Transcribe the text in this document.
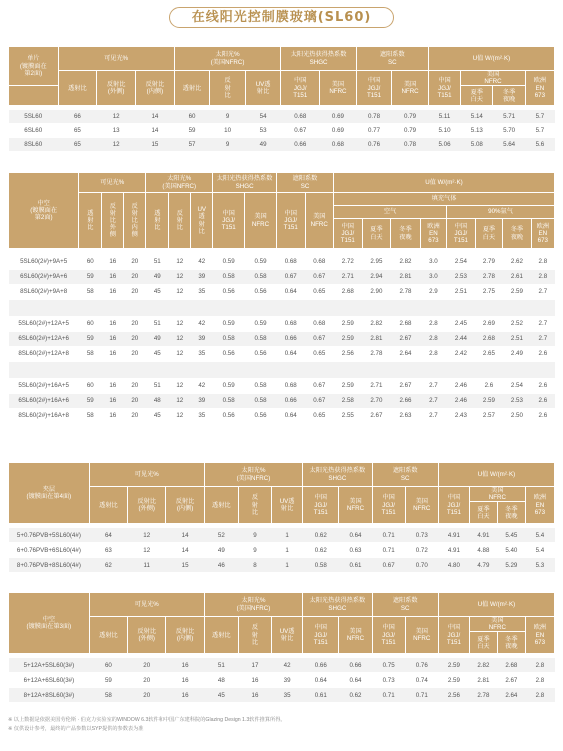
在线阳光控制膜玻璃(SL60)
单片
(镀膜面在
第2面)	可见光%			太阳光%
(美国NFRC)			太阳光热获得热系数 SHGC		遮阳系数
SC		U值 W/(m²·K)			
	透射比	反射比
(外侧)	反射比
(内侧)	透射比	反
射
比	UV透
射比	中国
JGJ/
T151	美国
NFRC	中国
JGJ/
T151	美国
NFRC	中国
JGJ/
T151	美国
NFRC		欧洲
EN
673
												夏季
白天	冬季
夜晚	

5SL60	66	12	14	60	9	54	0.68	0.69	0.78	0.79	5.11	5.14	5.71	5.7
6SL60	65	13	14	59	10	53	0.67	0.69	0.77	0.79	5.10	5.13	5.70	5.7
8SL60	65	12	15	57	9	49	0.66	0.68	0.76	0.78	5.06	5.08	5.64	5.6
中空
(镀膜面在
第2面)	可见光%			太阳光%
(美国NFRC)			太阳光热获得热系数 SHGC		遮阳系数
SC		U值 W/(m²·K)							
	透
射
比	反
射
比
外
侧	反
射
比
内
侧	透
射
比	反
射
比	UV
透
射
比	中国
JGJ/
T151	美国
NFRC	中国
JGJ/
T151	美国
NFRC	填充气体							
											空气				90%氩气			
											中国
JGJ/
T151	夏季
白天	冬季
夜晚	欧洲
EN
673	中国
JGJ/
T151	夏季
白天	冬季
夜晚	欧洲
EN
673

5SL60(2#)+9A+5	60	16	20	51	12	42	0.59	0.59	0.68	0.68	2.72	2.95	2.82	3.0	2.54	2.79	2.62	2.8
6SL60(2#)+9A+6	59	16	20	49	12	39	0.58	0.58	0.67	0.67	2.71	2.94	2.81	3.0	2.53	2.78	2.61	2.8
8SL60(2#)+9A+8	58	16	20	45	12	35	0.56	0.56	0.64	0.65	2.68	2.90	2.78	2.9	2.51	2.75	2.59	2.7

5SL60(2#)+12A+5	60	16	20	51	12	42	0.59	0.59	0.68	0.68	2.59	2.82	2.68	2.8	2.45	2.69	2.52	2.7
6SL60(2#)+12A+6	59	16	20	49	12	39	0.58	0.58	0.66	0.67	2.59	2.81	2.67	2.8	2.44	2.68	2.51	2.7
8SL60(2#)+12A+8	58	16	20	45	12	35	0.56	0.56	0.64	0.65	2.56	2.78	2.64	2.8	2.42	2.65	2.49	2.6

5SL60(2#)+16A+5	60	16	20	51	12	42	0.59	0.58	0.68	0.67	2.59	2.71	2.67	2.7	2.46	2.6	2.54	2.6
6SL60(2#)+16A+6	59	16	20	48	12	39	0.58	0.58	0.66	0.67	2.58	2.70	2.66	2.7	2.46	2.59	2.53	2.6
8SL60(2#)+16A+8	58	16	20	45	12	35	0.56	0.56	0.64	0.65	2.55	2.67	2.63	2.7	2.43	2.57	2.50	2.6
夹层
(镀膜面在第4面)	可见光%			太阳光%
(美国NFRC)			太阳光热获得热系数 SHGC		遮阳系数
SC		U值 W/(m²·K)			
	透射比	反射比
(外侧)	反射比
(内侧)	透射比	反
射
比	UV透
射比	中国
JGJ/
T151	美国
NFRC	中国
JGJ/
T151	美国
NFRC	中国
JGJ/
T151	美国
NFRC		欧洲
EN
673
												夏季
白天	冬季
夜晚	

5+0.76PVB+5SL60(4#)	64	12	14	52	9	1	0.62	0.64	0.71	0.73	4.91	4.91	5.45	5.4
6+0.76PVB+6SL60(4#)	63	12	14	49	9	1	0.62	0.63	0.71	0.72	4.91	4.88	5.40	5.4
8+0.76PVB+8SL60(4#)	62	11	15	46	8	1	0.58	0.61	0.67	0.70	4.80	4.79	5.29	5.3
中空
(镀膜面在第3面)	可见光%			太阳光%
(美国NFRC)			太阳光热获得热系数 SHGC		遮阳系数
SC		U值 W/(m²·K)			
	透射比	反射比
(外侧)	反射比
(内侧)	透射比	反
射
比	UV透
射比	中国
JGJ/
T151	美国
NFRC	中国
JGJ/
T151	美国
NFRC	中国
JGJ/
T151	美国
NFRC		欧洲
EN
673
												夏季
白天	冬季
夜晚	

5+12A+5SL60(3#)	60	20	16	51	17	42	0.66	0.66	0.75	0.76	2.59	2.82	2.68	2.8
6+12A+6SL60(3#)	59	20	16	48	16	39	0.64	0.64	0.73	0.74	2.59	2.81	2.67	2.8
8+12A+8SL60(3#)	58	20	16	45	16	35	0.61	0.62	0.71	0.71	2.56	2.78	2.64	2.8
※ 以上数据是依据美国劳伦斯 · 伯克力实验室的WINDOW 6.3软件和中国广东建科院的Glazing Design 1.3软件推算所得。
※ 仅供设计参考，最终的产品参数以SYP提供的参数表为准
